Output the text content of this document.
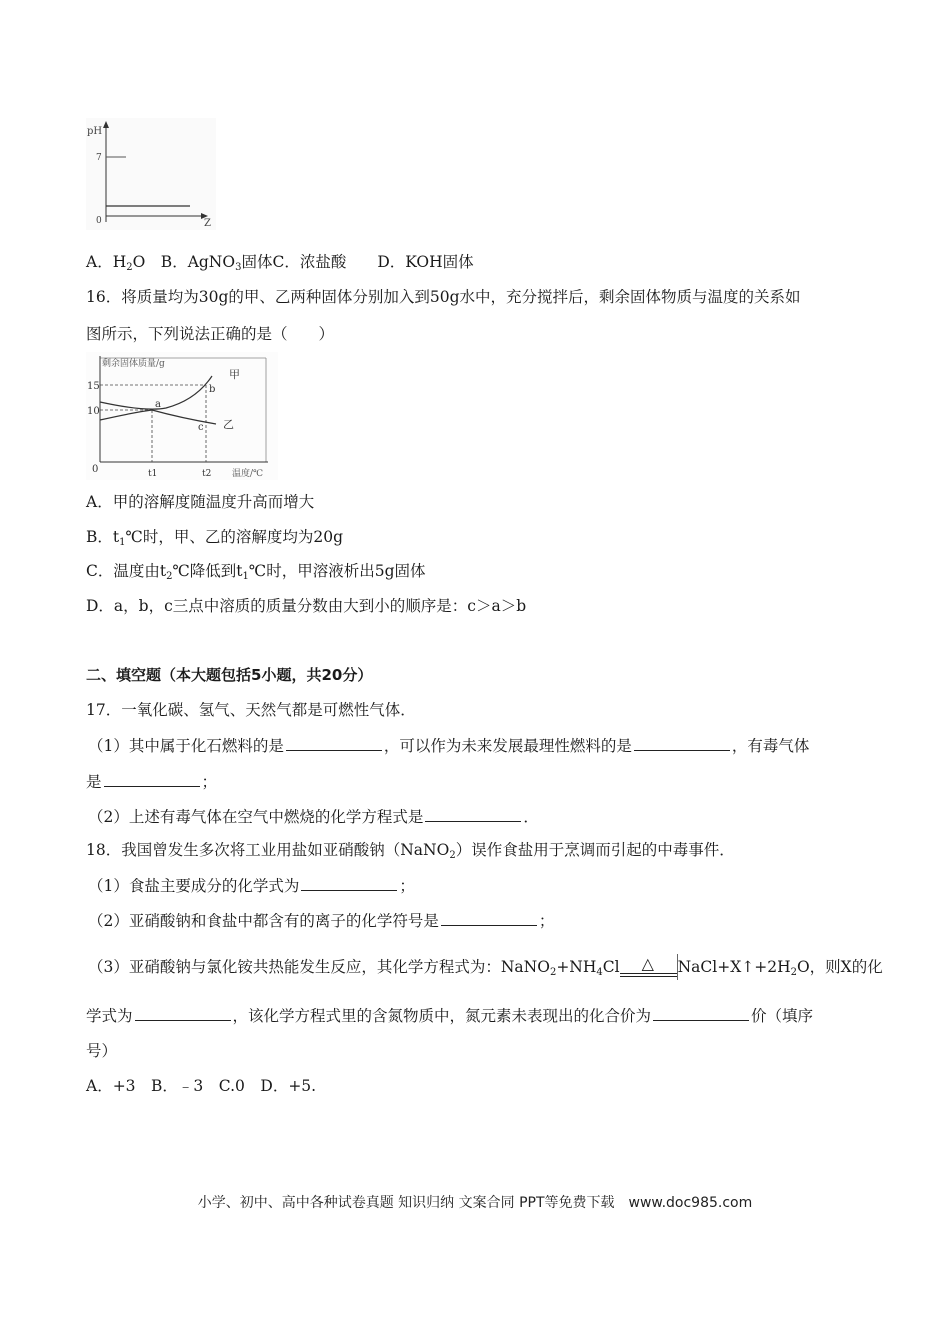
pH
7
0	Z
A．$H_2O$　B．AgNO$_3$固体C．浓盐酸　　D．KOH固体
16．将质量均为30g的甲、乙两种固体分别加入到50g水中，充分搅拌后，剩余固体物质与温度的关系如
图所示，下列说法正确的是（　　）
剩余固体质量/g
15
10
0	t1	t2 温度/℃
甲
乙
a
b
c
A．甲的溶解度随温度升高而增大
B．$t_1℃$时，甲、乙的溶解度均为20g
C．温度由$t_2℃$降低到$t_1℃$时，甲溶液析出5g固体
D．a，b，c三点中溶质的质量分数由大到小的顺序是：c＞a＞b
二、填空题（本大题包括5小题，共20分）
17．一氧化碳、氢气、天然气都是可燃性气体．
（1）其中属于化石燃料的是	，可以作为未来发展最理性燃料的是	，有毒气体
是	；
（2）上述有毒气体在空气中燃烧的化学方程式是	．
18．我国曾发生多次将工业用盐如亚硝酸钠（NaNO$_2$）误作食盐用于烹调而引起的中毒事件．
（1）食盐主要成分的化学式为	；
（2）亚硝酸钠和食盐中都含有的离子的化学符号是	；
（3）亚硝酸钠与氯化铵共热能发生反应，其化学方程式为：$NaNO_2+NH_4Cl$ △ $NaCl+X↑+2H_2O$，则X的化
学式为	，该化学方程式里的含氮物质中，氮元素未表现出的化合价为	价（填序
号）
A．+3　B．﹣3　C.0　D．+5.
小学、初中、高中各种试卷真题 知识归纳 文案合同 PPT等免费下载　www.doc985.com
